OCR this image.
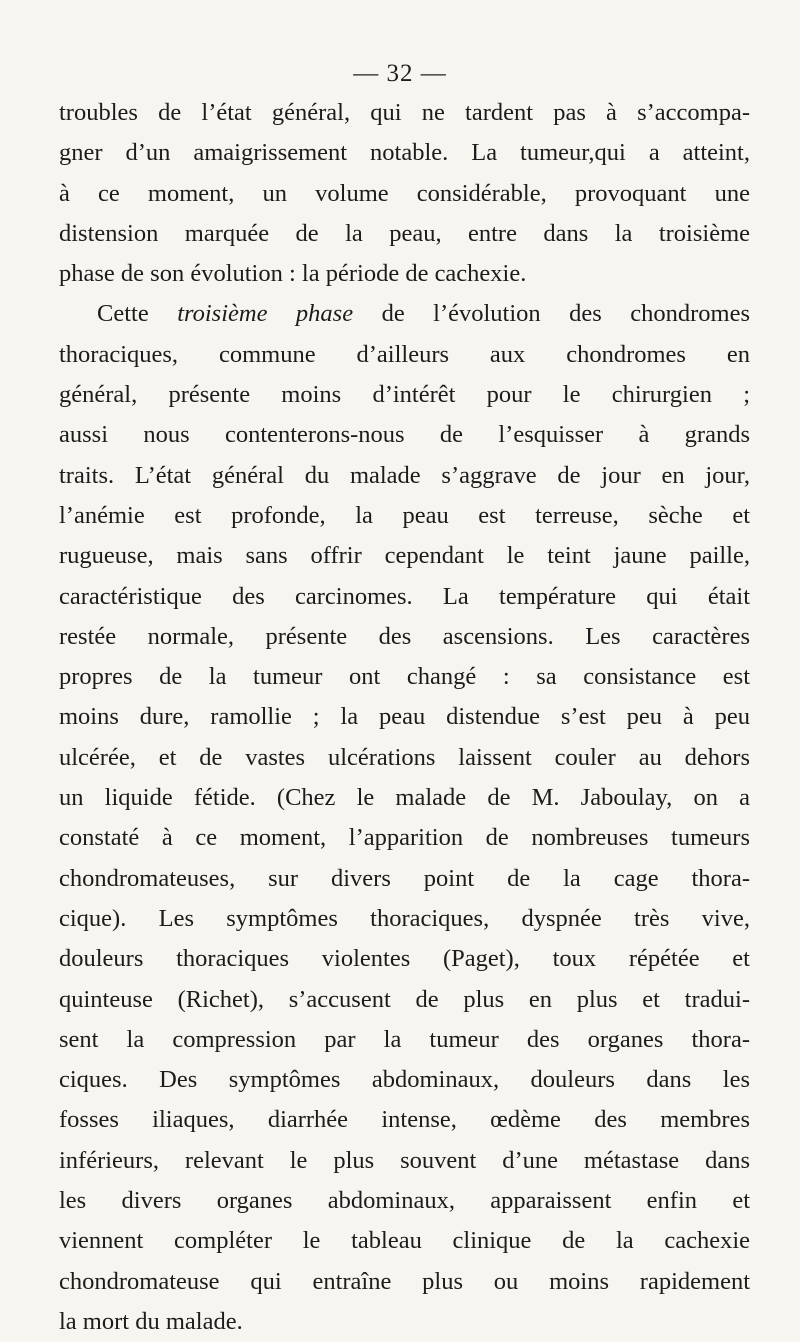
— 32 —
troubles de l’état général, qui ne tardent pas à s’accompa-
gner d’un amaigrissement notable. La tumeur,qui a atteint,
à ce moment, un volume considérable, provoquant une
distension marquée de la peau, entre dans la troisième
phase de son évolution : la période de cachexie.
Cette troisième phase de l’évolution des chondromes
thoraciques, commune d’ailleurs aux chondromes en
général, présente moins d’intérêt pour le chirurgien ;
aussi nous contenterons-nous de l’esquisser à grands
traits. L’état général du malade s’aggrave de jour en jour,
l’anémie est profonde, la peau est terreuse, sèche et
rugueuse, mais sans offrir cependant le teint jaune paille,
caractéristique des carcinomes. La température qui était
restée normale, présente des ascensions. Les caractères
propres de la tumeur ont changé : sa consistance est
moins dure, ramollie ; la peau distendue s’est peu à peu
ulcérée, et de vastes ulcérations laissent couler au dehors
un liquide fétide. (Chez le malade de M. Jaboulay, on a
constaté à ce moment, l’apparition de nombreuses tumeurs
chondromateuses, sur divers point de la cage thora-
cique). Les symptômes thoraciques, dyspnée très vive,
douleurs thoraciques violentes (Paget), toux répétée et
quinteuse (Richet), s’accusent de plus en plus et tradui-
sent la compression par la tumeur des organes thora-
ciques. Des symptômes abdominaux, douleurs dans les
fosses iliaques, diarrhée intense, œdème des membres
inférieurs, relevant le plus souvent d’une métastase dans
les divers organes abdominaux, apparaissent enfin et
viennent compléter le tableau clinique de la cachexie
chondromateuse qui entraîne plus ou moins rapidement
la mort du malade.
